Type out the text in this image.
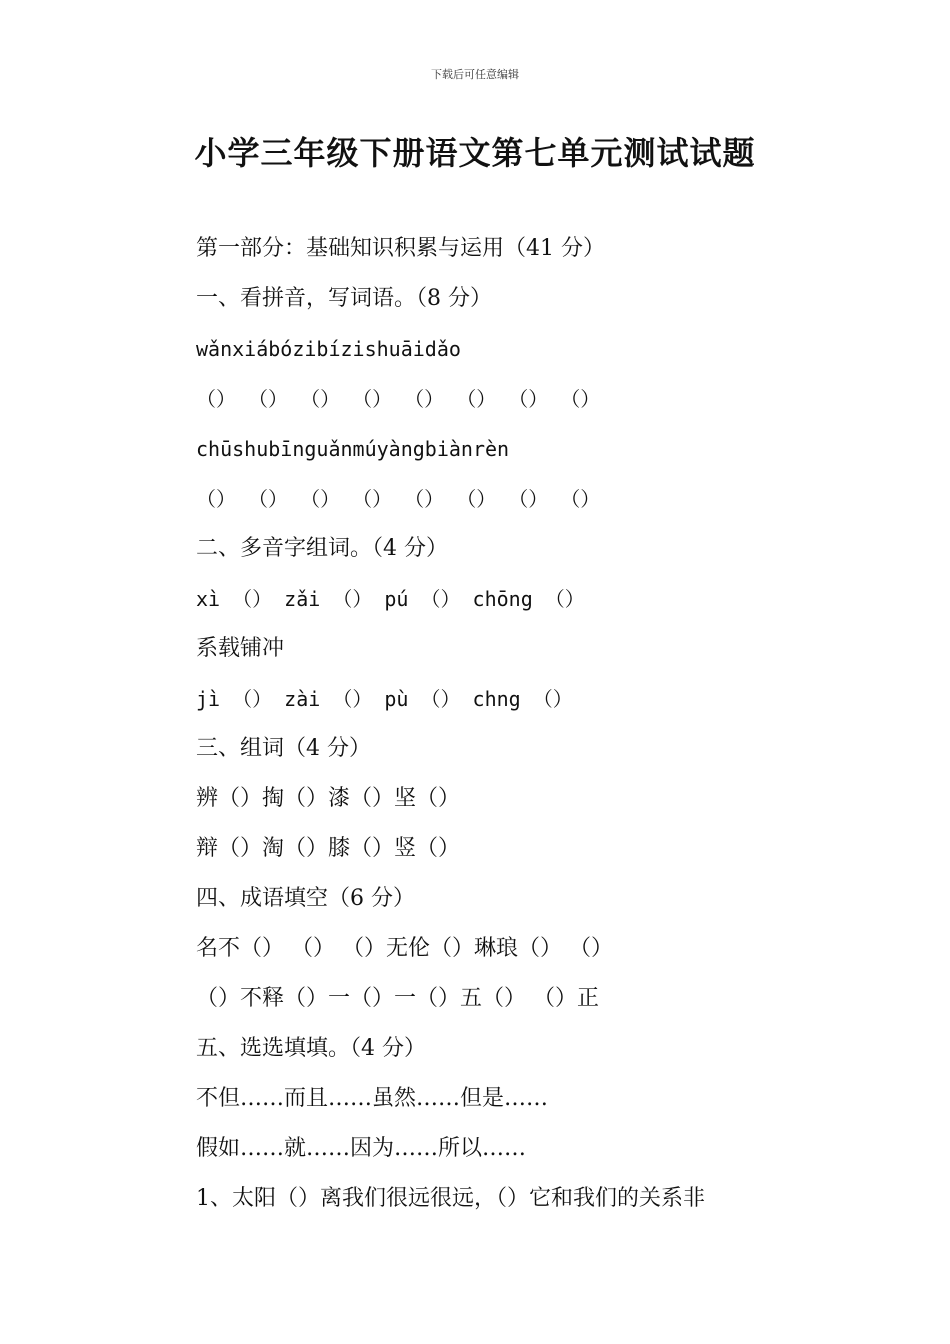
下载后可任意编辑
小学三年级下册语文第七单元测试试题
第一部分：基础知识积累与运用（41 分）
一、看拼音，写词语。（8 分）
wǎnxiábózibízishuāidǎo
（） （） （） （） （） （） （） （）
chūshubīnguǎnmúyàngbiànrèn
（） （） （） （） （） （） （） （）
二、多音字组词。（4 分）
xì （） zǎi （） pú （） chōng （）
系载铺冲
jì （） zài （） pù （） chng （）
三、组词（4 分）
辨（）掏（）漆（）坚（）
辩（）淘（）膝（）竖（）
四、成语填空（6 分）
名不（） （） （）无伦（）琳琅（） （）
（）不释（）一（）一（）五（） （）正
五、选选填填。（4 分）
不但……而且……虽然……但是……
假如……就……因为……所以……
1、太阳（）离我们很远很远，（）它和我们的关系非
